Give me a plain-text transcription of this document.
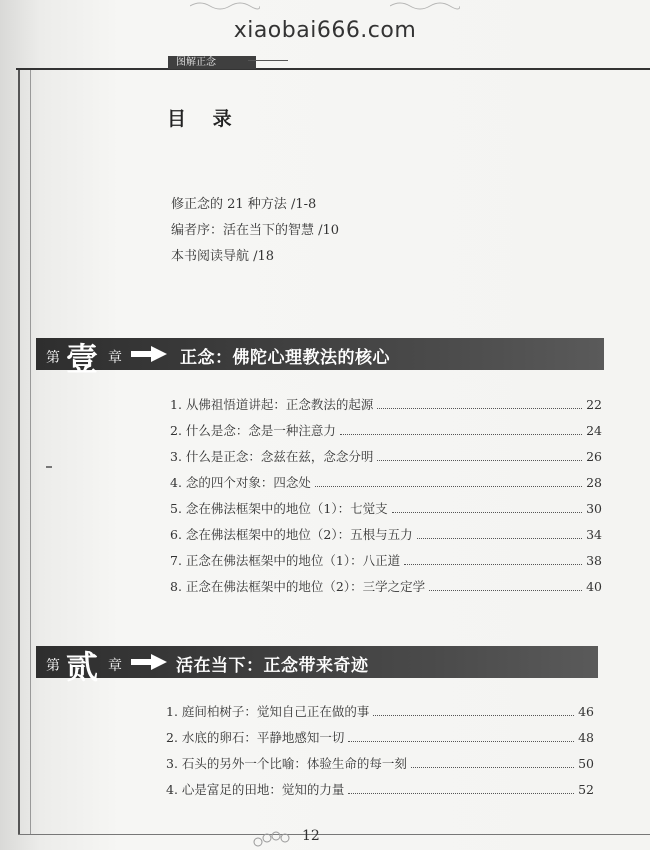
xiaobai666.com
图解正念
目 录
修正念的 21 种方法 /1-8
编者序：活在当下的智慧 /10
本书阅读导航 /18
第 壹 章	正念：佛陀心理教法的核心
1. 从佛祖悟道讲起：正念教法的起源	22
2. 什么是念：念是一种注意力	24
3. 什么是正念：念兹在兹，念念分明	26
4. 念的四个对象：四念处	28
5. 念在佛法框架中的地位（1）：七觉支	30
6. 念在佛法框架中的地位（2）：五根与五力	34
7. 正念在佛法框架中的地位（1）：八正道	38
8. 正念在佛法框架中的地位（2）：三学之定学	40
第 贰 章	活在当下：正念带来奇迹
1. 庭间柏树子：觉知自己正在做的事	46
2. 水底的卵石：平静地感知一切	48
3. 石头的另外一个比喻：体验生命的每一刻	50
4. 心是富足的田地：觉知的力量	52
12
